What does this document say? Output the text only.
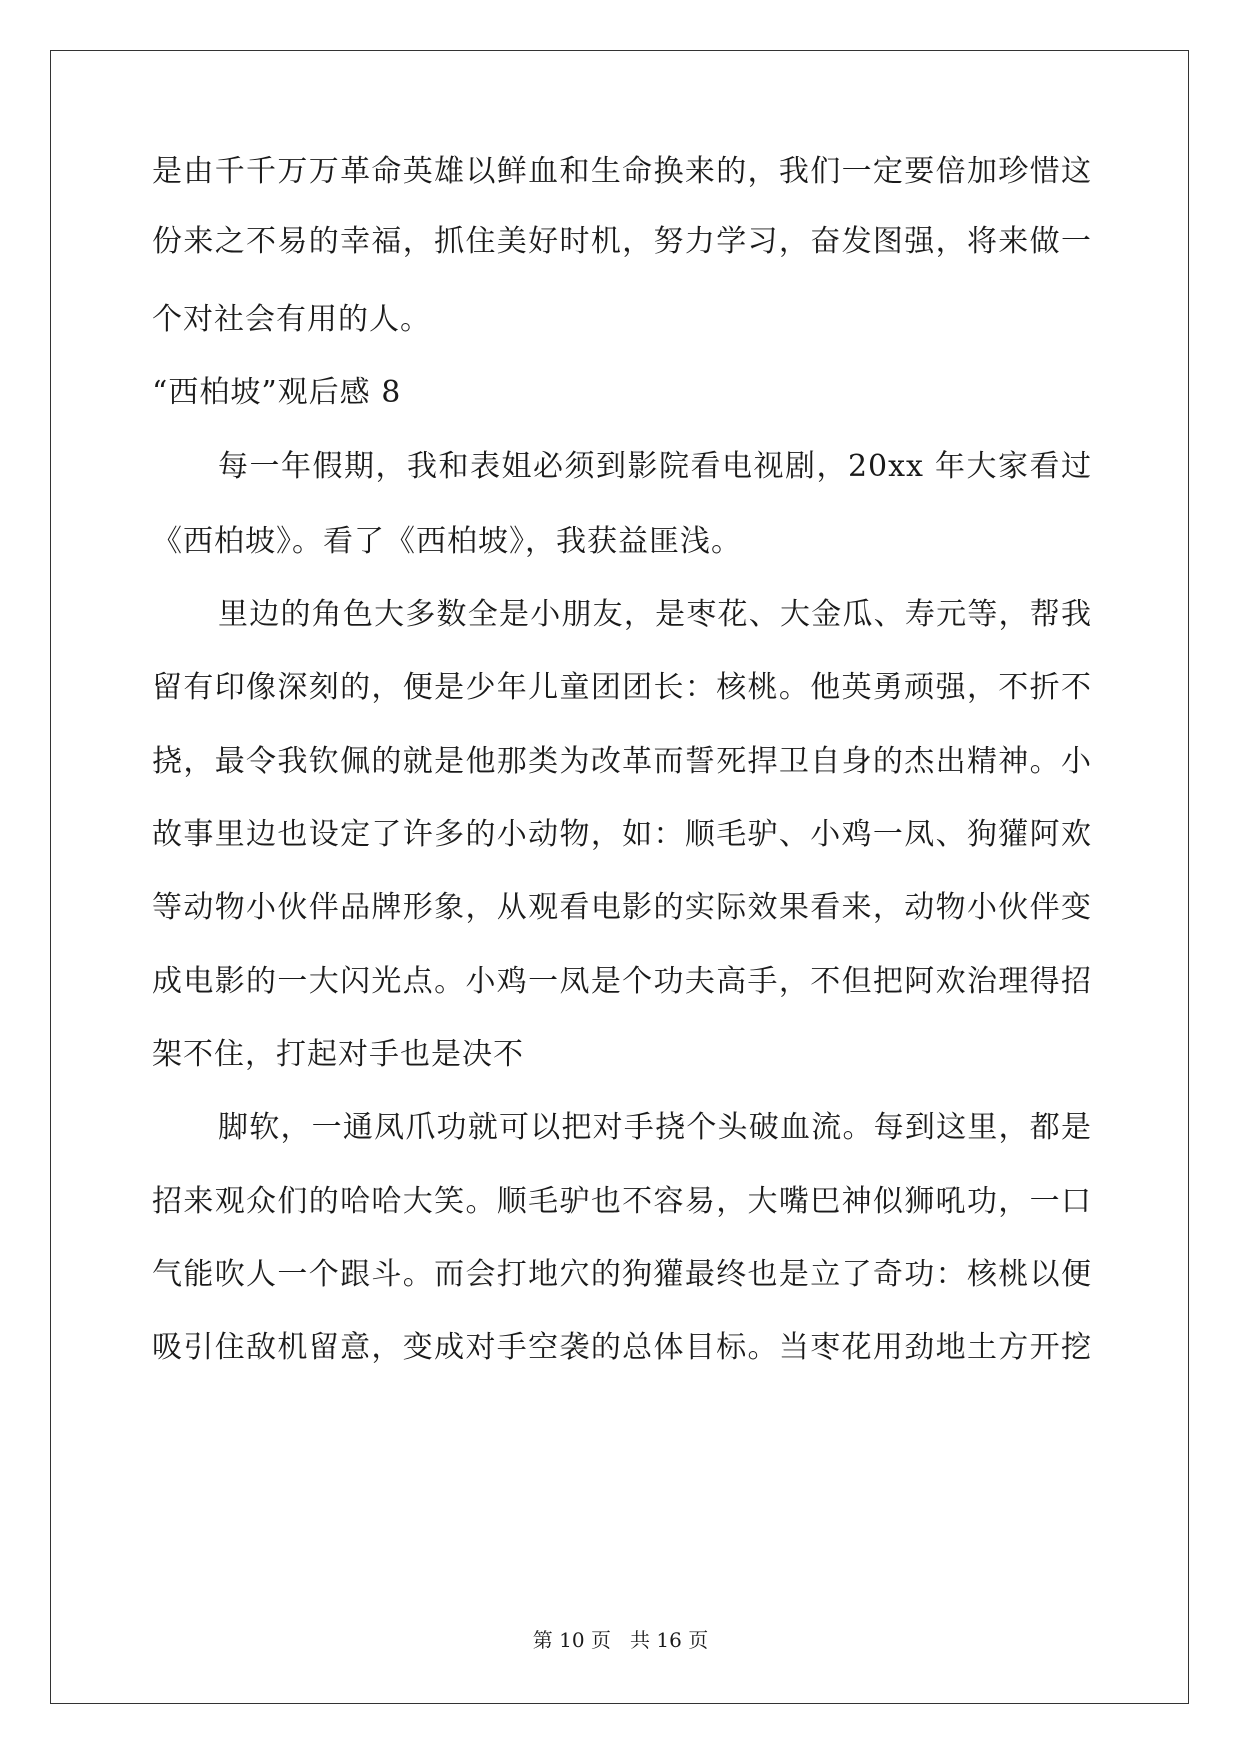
是由千千万万革命英雄以鲜血和生命换来的，我们一定要倍加珍惜这
份来之不易的幸福，抓住美好时机，努力学习，奋发图强，将来做一
个对社会有用的人。
“西柏坡”观后感 8
每一年假期，我和表姐必须到影院看电视剧，20xx 年大家看过
《西柏坡》。看了《西柏坡》，我获益匪浅。
里边的角色大多数全是小朋友，是枣花、大金瓜、寿元等，帮我
留有印像深刻的，便是少年儿童团团长：核桃。他英勇顽强，不折不
挠，最令我钦佩的就是他那类为改革而誓死捍卫自身的杰出精神。小
故事里边也设定了许多的小动物，如：顺毛驴、小鸡一凤、狗獾阿欢
等动物小伙伴品牌形象，从观看电影的实际效果看来，动物小伙伴变
成电影的一大闪光点。小鸡一凤是个功夫高手，不但把阿欢治理得招
架不住，打起对手也是决不
脚软，一通凤爪功就可以把对手挠个头破血流。每到这里，都是
招来观众们的哈哈大笑。顺毛驴也不容易，大嘴巴神似狮吼功，一口
气能吹人一个跟斗。而会打地穴的狗獾最终也是立了奇功：核桃以便
吸引住敌机留意，变成对手空袭的总体目标。当枣花用劲地土方开挖
第 10 页 共 16 页
